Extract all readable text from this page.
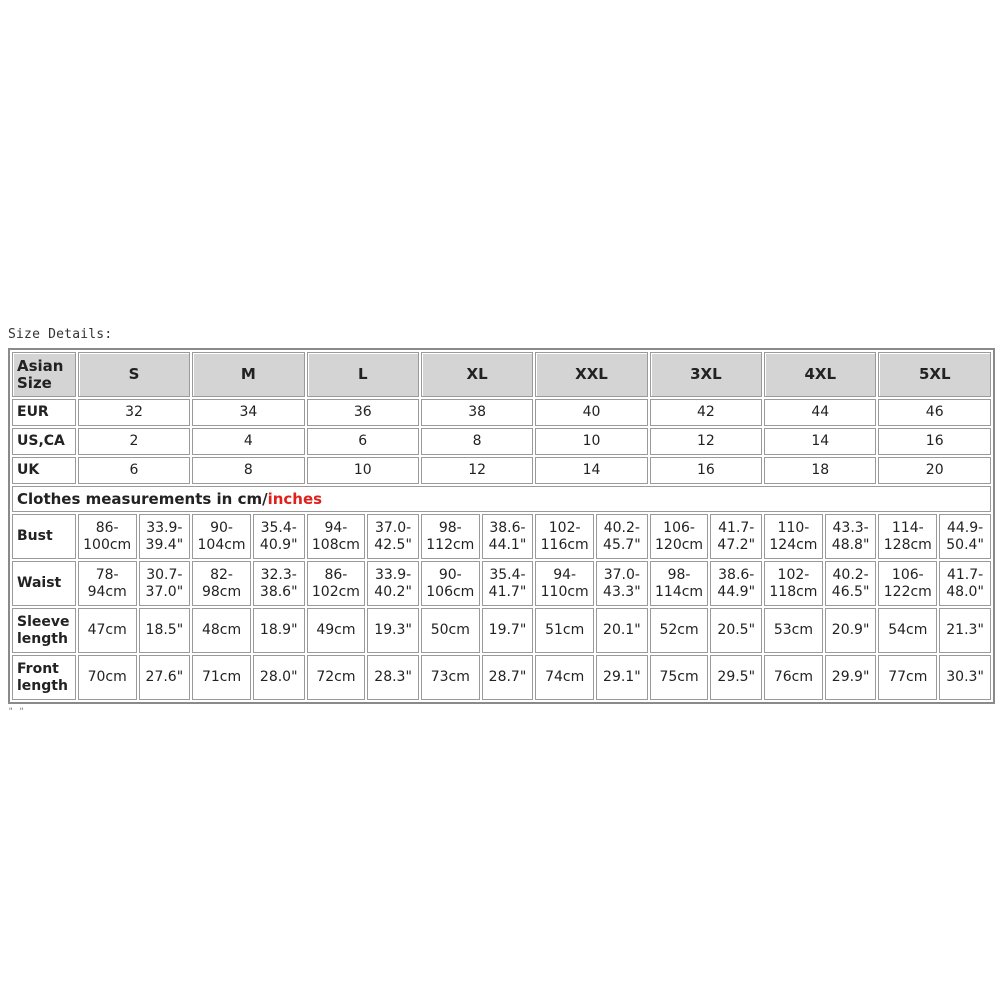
Size Details:
Asian Size	S		M		L		XL		XXL		3XL		4XL		5XL	
EUR	32		34		36		38		40		42		44		46	
US,CA	2		4		6		8		10		12		14		16	
UK	6		8		10		12		14		16		18		20	
Clothes measurements in cm/inches																
Bust	86-100cm	33.9-39.4"	90-104cm	35.4-40.9"	94-108cm	37.0-42.5"	98-112cm	38.6-44.1"	102-116cm	40.2-45.7"	106-120cm	41.7-47.2"	110-124cm	43.3-48.8"	114-128cm	44.9-50.4"
Waist	78-94cm	30.7-37.0"	82-98cm	32.3-38.6"	86-102cm	33.9-40.2"	90-106cm	35.4-41.7"	94-110cm	37.0-43.3"	98-114cm	38.6-44.9"	102-118cm	40.2-46.5"	106-122cm	41.7-48.0"
Sleeve length	47cm	18.5"	48cm	18.9"	49cm	19.3"	50cm	19.7"	51cm	20.1"	52cm	20.5"	53cm	20.9"	54cm	21.3"
Front length	70cm	27.6"	71cm	28.0"	72cm	28.3"	73cm	28.7"	74cm	29.1"	75cm	29.5"	76cm	29.9"	77cm	30.3"
" "
